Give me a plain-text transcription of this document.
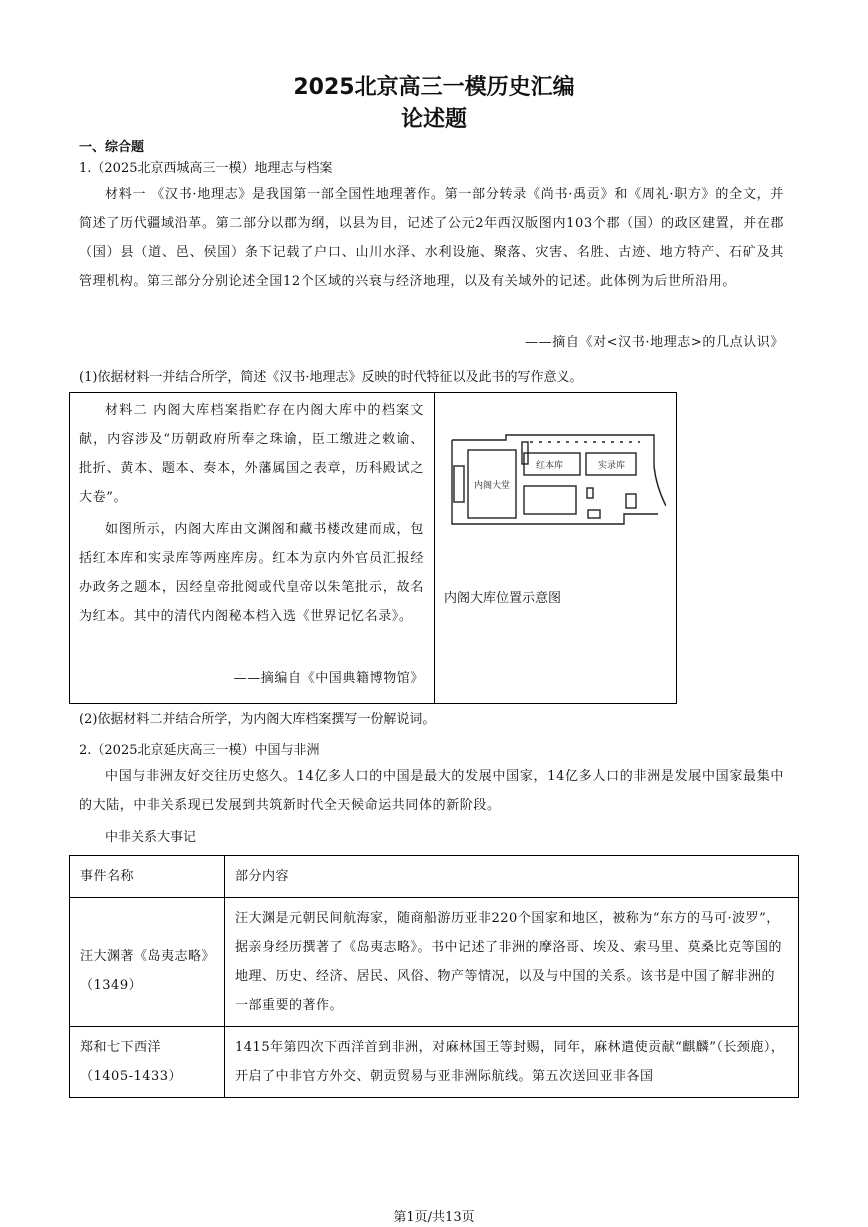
2025北京高三一模历史汇编
论述题
一、综合题
1.（2025北京西城高三一模）地理志与档案
材料一 《汉书·地理志》是我国第一部全国性地理著作。第一部分转录《尚书·禹贡》和《周礼·职方》的全文，并简述了历代疆域沿革。第二部分以郡为纲，以县为目，记述了公元2年西汉版图内103个郡（国）的政区建置，并在郡（国）县（道、邑、侯国）条下记载了户口、山川水泽、水利设施、聚落、灾害、名胜、古迹、地方特产、石矿及其管理机构。第三部分分别论述全国12个区域的兴衰与经济地理，以及有关域外的记述。此体例为后世所沿用。
——摘自《对<汉书·地理志>的几点认识》
(1)依据材料一并结合所学，简述《汉书·地理志》反映的时代特征以及此书的写作意义。
材料二 内阁大库档案指贮存在内阁大库中的档案文献，内容涉及“历朝政府所奉之珠谕，臣工缴进之敕谕、批折、黄本、题本、奏本，外藩属国之表章，历科殿试之大卷”。
如图所示，内阁大库由文渊阁和藏书楼改建而成，包括红本库和实录库等两座库房。红本为京内外官员汇报经办政务之题本，因经皇帝批阅或代皇帝以朱笔批示，故名为红本。其中的清代内阁秘本档入选《世界记忆名录》。
——摘编自《中国典籍博物馆》
内阁大堂
红本库	实录库
内阁大库位置示意图
(2)依据材料二并结合所学，为内阁大库档案撰写一份解说词。
2.（2025北京延庆高三一模）中国与非洲
中国与非洲友好交往历史悠久。14亿多人口的中国是最大的发展中国家，14亿多人口的非洲是发展中国家最集中的大陆，中非关系现已发展到共筑新时代全天候命运共同体的新阶段。
中非关系大事记
事件名称	部分内容

汪大渊著《岛夷志略》
（1349）	汪大渊是元朝民间航海家，随商船游历亚非220个国家和地区，被称为“东方的马可·波罗”，据亲身经历撰著了《岛夷志略》。书中记述了非洲的摩洛哥、埃及、索马里、莫桑比克等国的地理、历史、经济、居民、风俗、物产等情况，以及与中国的关系。该书是中国了解非洲的一部重要的著作。

郑和七下西洋
（1405-1433）	1415年第四次下西洋首到非洲，对麻林国王等封赐，同年，麻林遣使贡献“麒麟”（长颈鹿），开启了中非官方外交、朝贡贸易与亚非洲际航线。第五次送回亚非各国
第1页/共13页
